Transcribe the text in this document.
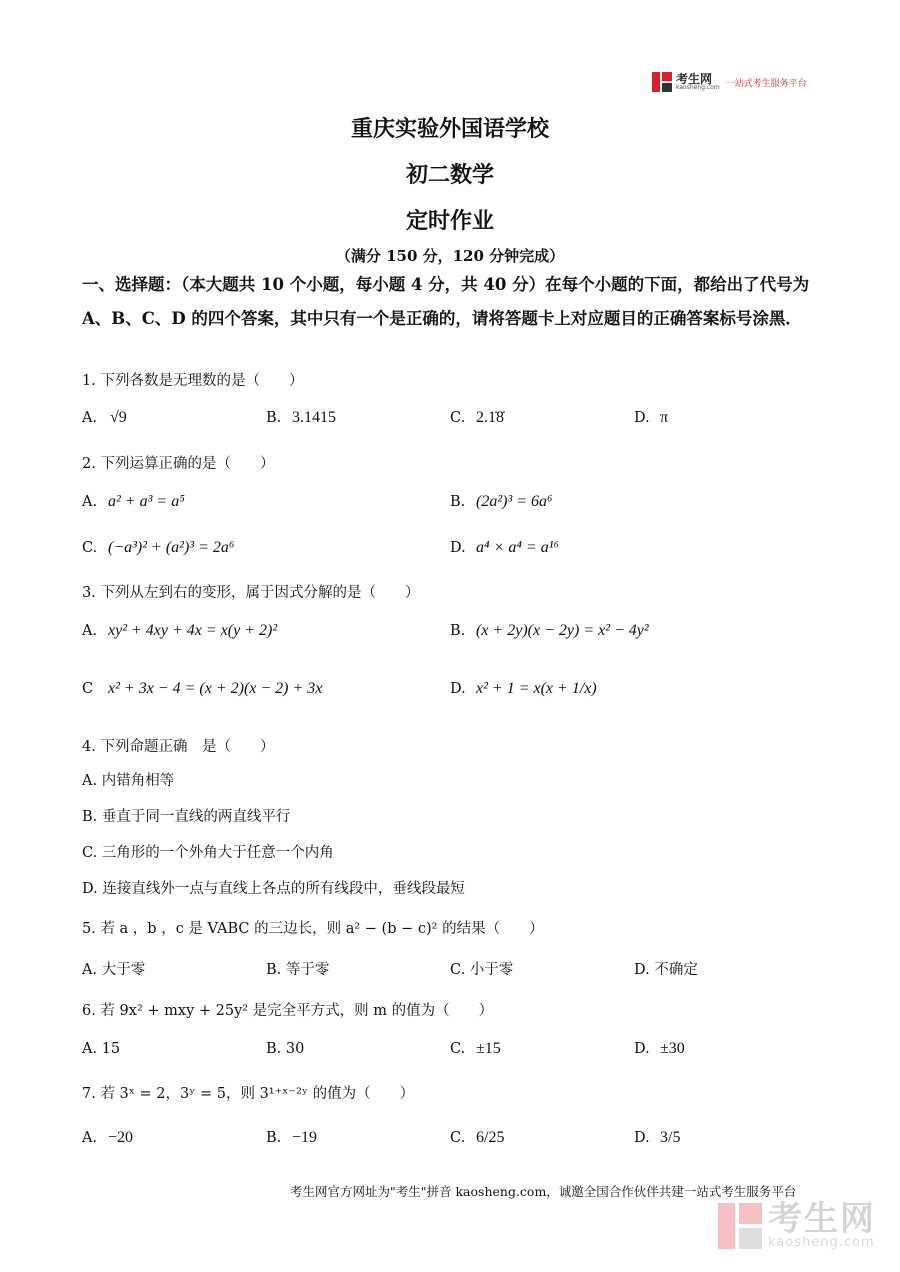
考生网
kaosheng.com 一站式考生服务平台
重庆实验外国语学校
初二数学
定时作业
（满分 150 分，120 分钟完成）
一、选择题：（本大题共 10 个小题，每小题 4 分，共 40 分）在每个小题的下面，都给出了代号为 A、B、C、D 的四个答案，其中只有一个是正确的，请将答题卡上对应题目的正确答案标号涂黑．
1. 下列各数是无理数的是（　　）
A. √9	B. 3.1415	C. 2.1̇8̇	D. π
2. 下列运算正确的是（　　）
A. a² + a³ = a⁵	B. (2a²)³ = 6a⁶
C. (−a³)² + (a²)³ = 2a⁶	D. a⁴ × a⁴ = a¹⁶
3. 下列从左到右的变形，属于因式分解的是（　　）
A. xy² + 4xy + 4x = x(y + 2)²	B. (x + 2y)(x − 2y) = x² − 4y²
C x² + 3x − 4 = (x + 2)(x − 2) + 3x	D. x² + 1 = x(x + 1/x)
4. 下列命题正确　是（　　）
A. 内错角相等
B. 垂直于同一直线的两直线平行
C. 三角形的一个外角大于任意一个内角
D. 连接直线外一点与直线上各点的所有线段中，垂线段最短
5. 若 a ，b ，c 是 VABC 的三边长，则 a² − (b − c)² 的结果（　　）
A. 大于零	B. 等于零	C. 小于零	D. 不确定
6. 若 9x² + mxy + 25y² 是完全平方式，则 m 的值为（　　）
A. 15	B. 30	C. ±15	D. ±30
7. 若 3ˣ = 2，3ʸ = 5，则 3¹⁺ˣ⁻²ʸ 的值为（　　）
A. −20	B. −19	C. 6/25	D. 3/5
考生网官方网址为"考生"拼音 kaosheng.com，诚邀全国合作伙伴共建一站式考生服务平台
考生网
kaosheng.com
